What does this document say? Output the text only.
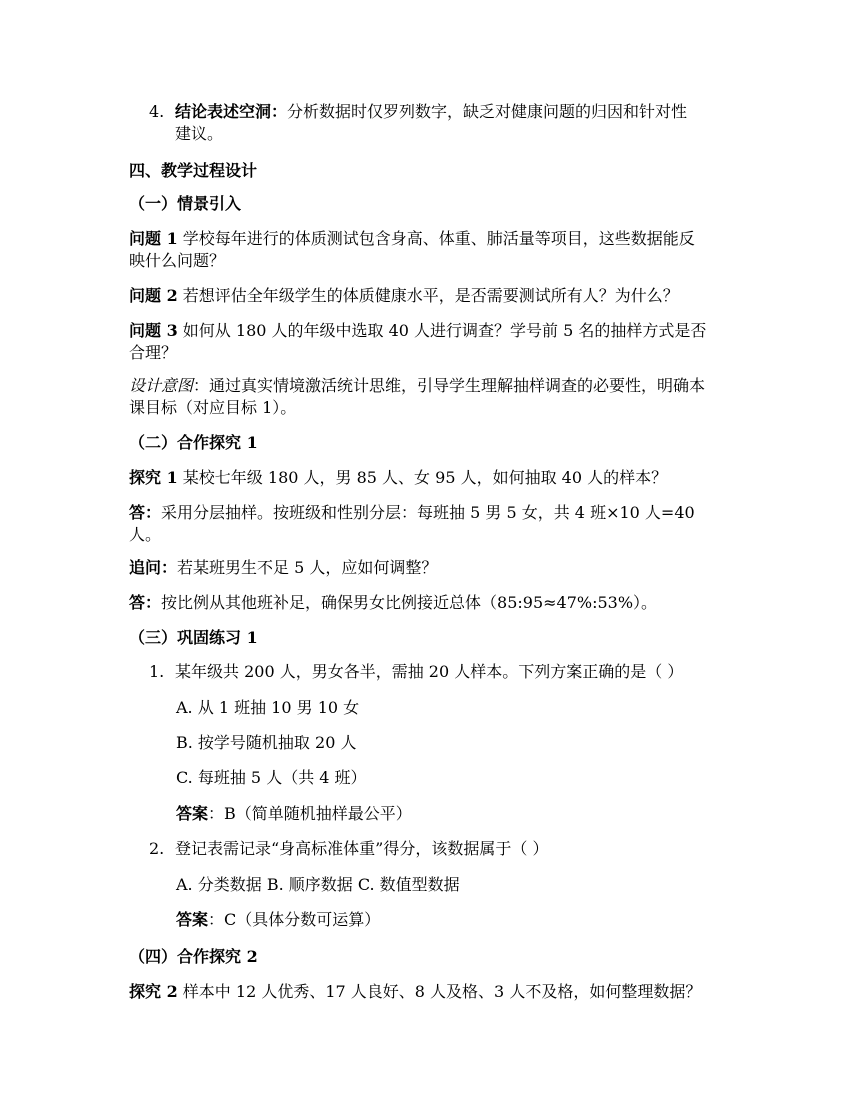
4. 结论表述空洞：分析数据时仅罗列数字，缺乏对健康问题的归因和针对性
建议。
四、教学过程设计
（一）情景引入
问题 1 学校每年进行的体质测试包含身高、体重、肺活量等项目，这些数据能反
映什么问题？
问题 2 若想评估全年级学生的体质健康水平，是否需要测试所有人？为什么？
问题 3 如何从 180 人的年级中选取 40 人进行调查？学号前 5 名的抽样方式是否
合理？
设计意图：通过真实情境激活统计思维，引导学生理解抽样调查的必要性，明确本
课目标（对应目标 1）。
（二）合作探究 1
探究 1 某校七年级 180 人，男 85 人、女 95 人，如何抽取 40 人的样本？
答：采用分层抽样。按班级和性别分层：每班抽 5 男 5 女，共 4 班×10 人=40
人。
追问：若某班男生不足 5 人，应如何调整？
答：按比例从其他班补足，确保男女比例接近总体（85:95≈47%:53%）。
（三）巩固练习 1
1. 某年级共 200 人，男女各半，需抽 20 人样本。下列方案正确的是（ ）
A. 从 1 班抽 10 男 10 女
B. 按学号随机抽取 20 人
C. 每班抽 5 人（共 4 班）
答案：B（简单随机抽样最公平）
2. 登记表需记录“身高标准体重”得分，该数据属于（ ）
A. 分类数据 B. 顺序数据 C. 数值型数据
答案：C（具体分数可运算）
（四）合作探究 2
探究 2 样本中 12 人优秀、17 人良好、8 人及格、3 人不及格，如何整理数据？
